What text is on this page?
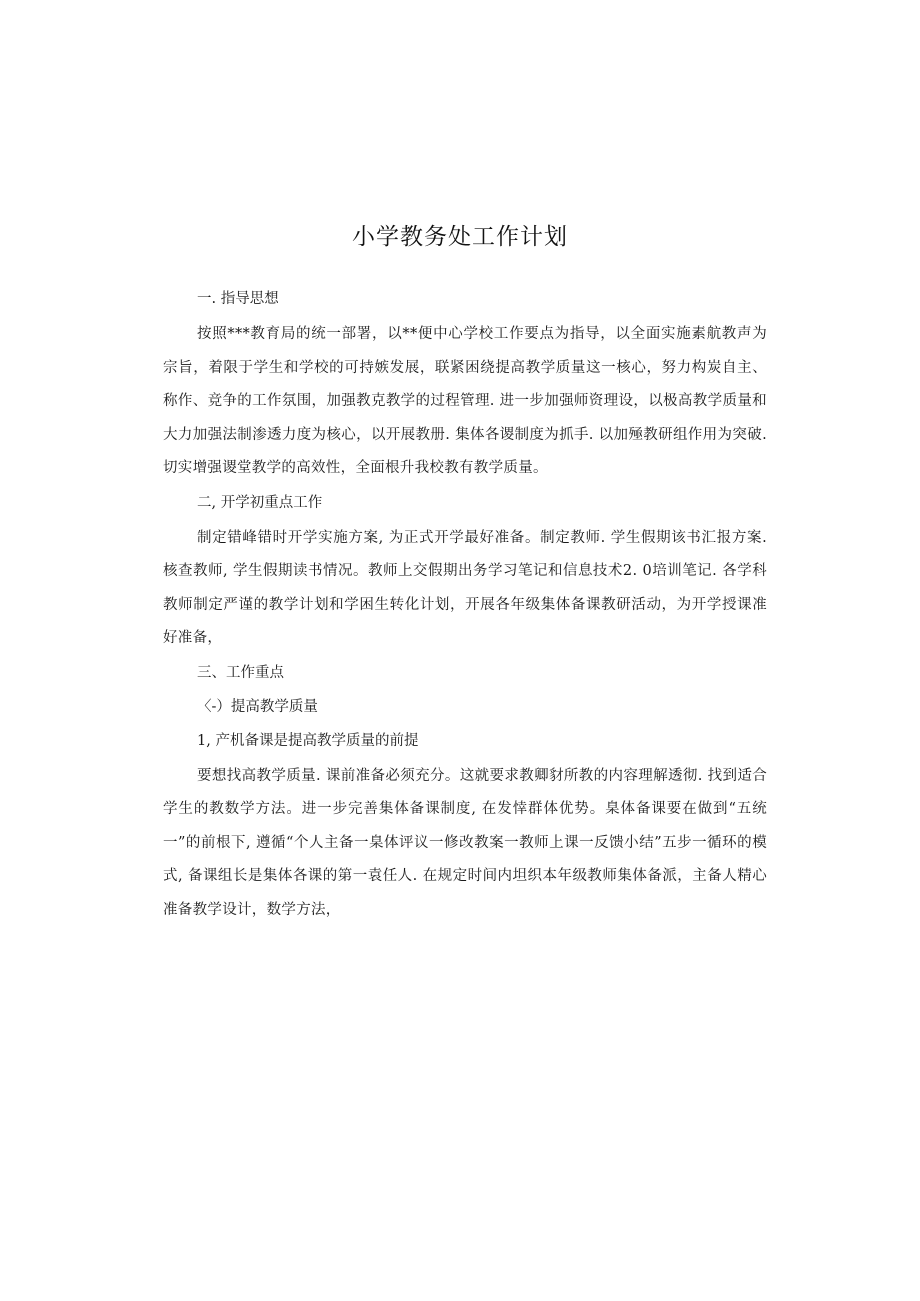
小学教务处工作计划

一. 指导思想

按照***教育局的统一部署，以**便中心学校工作要点为指导，以全面实施素航教声为宗旨，着限于学生和学校的可持嫉发展，联紧困绕提高教学质量这一核心，努力构炭自主、称作、竞争的工作氛围，加强教克教学的过程管理. 进一步加强师资理设，以极高教学质量和大力加强法制渗透力度为核心，以开展教册. 集体各谡制度为抓手. 以加殛教研组作用为突破. 切实增强谡堂教学的高效性，全面根升我校教有教学质量。

二, 开学初重点工作

制定错峰错时开学实施方案, 为正式开学最好准备。制定教师. 学生假期该书汇报方案. 核查教师, 学生假期读书情况。教师上交假期出务学习笔记和信息技术2. 0培训笔记. 各学科教师制定严谨的教学计划和学困生转化计划，开展各年级集体备课教研活动，为开学授课准好准备，

三、工作重点

〈-）提高教学质量

1, 产机备课是提高教学质量的前提

要想找高教学质量. 课前准备必须充分。这就要求教卿豺所教的内容理解透彻. 找到适合学生的教数学方法。进一步完善集体备课制度, 在发悻群体优势。臬体备课要在做到“五统一”的前根下, 遵循“个人主备一臬体评议一修改教案一教师上课一反馈小结”五步一循环的模式, 备课组长是集体各课的第一袁任人. 在规定时间内坦织本年级教师集体备派，主备人精心准备教学设计，数学方法，
